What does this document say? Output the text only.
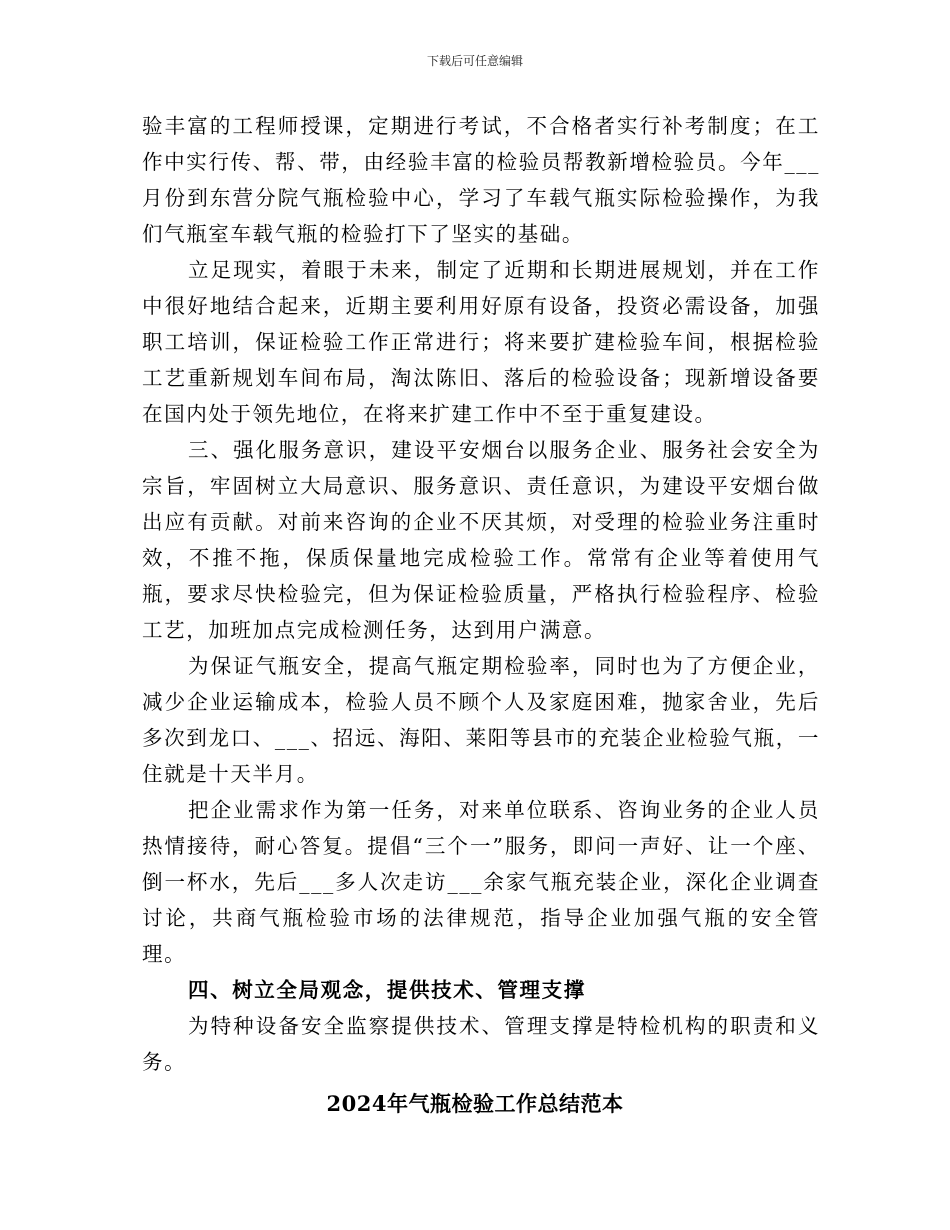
下载后可任意编辑

验丰富的工程师授课，定期进行考试，不合格者实行补考制度；在工作中实行传、帮、带，由经验丰富的检验员帮教新增检验员。今年___月份到东营分院气瓶检验中心，学习了车载气瓶实际检验操作，为我们气瓶室车载气瓶的检验打下了坚实的基础。

立足现实，着眼于未来，制定了近期和长期进展规划，并在工作中很好地结合起来，近期主要利用好原有设备，投资必需设备，加强职工培训，保证检验工作正常进行；将来要扩建检验车间，根据检验工艺重新规划车间布局，淘汰陈旧、落后的检验设备；现新增设备要在国内处于领先地位，在将来扩建工作中不至于重复建设。

三、强化服务意识，建设平安烟台以服务企业、服务社会安全为宗旨，牢固树立大局意识、服务意识、责任意识，为建设平安烟台做出应有贡献。对前来咨询的企业不厌其烦，对受理的检验业务注重时效，不推不拖，保质保量地完成检验工作。常常有企业等着使用气瓶，要求尽快检验完，但为保证检验质量，严格执行检验程序、检验工艺，加班加点完成检测任务，达到用户满意。

为保证气瓶安全，提高气瓶定期检验率，同时也为了方便企业，减少企业运输成本，检验人员不顾个人及家庭困难，抛家舍业，先后多次到龙口、___、招远、海阳、莱阳等县市的充装企业检验气瓶，一住就是十天半月。

把企业需求作为第一任务，对来单位联系、咨询业务的企业人员热情接待，耐心答复。提倡“三个一”服务，即问一声好、让一个座、倒一杯水，先后___多人次走访___余家气瓶充装企业，深化企业调查讨论，共商气瓶检验市场的法律规范，指导企业加强气瓶的安全管理。

四、树立全局观念，提供技术、管理支撑

为特种设备安全监察提供技术、管理支撑是特检机构的职责和义务。

2024年气瓶检验工作总结范本
